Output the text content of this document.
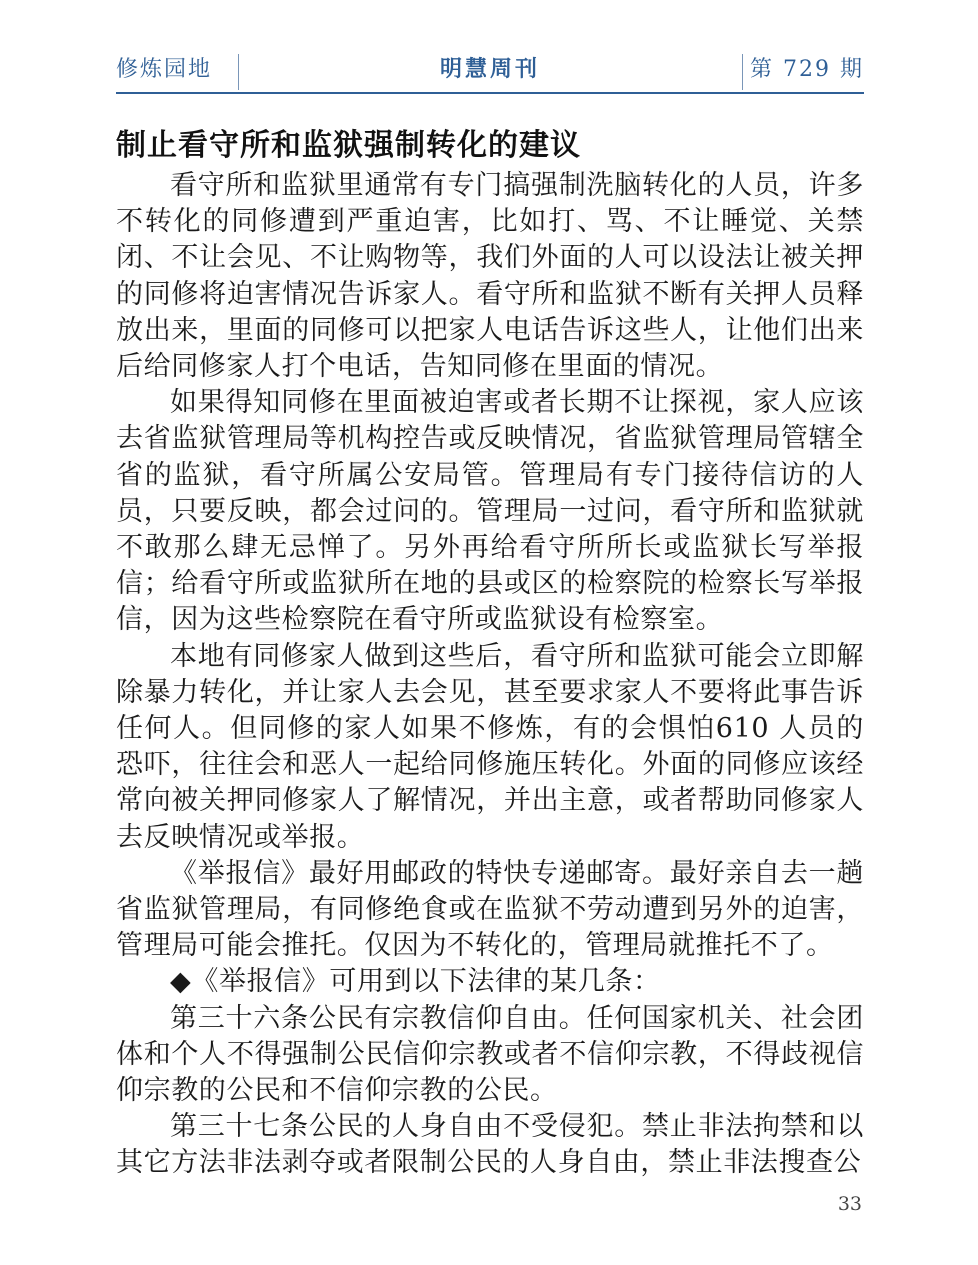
修炼园地	明慧周刊	第 729 期
制止看守所和监狱强制转化的建议

看守所和监狱里通常有专门搞强制洗脑转化的人员，许多不转化的同修遭到严重迫害，比如打、骂、不让睡觉、关禁闭、不让会见、不让购物等，我们外面的人可以设法让被关押的同修将迫害情况告诉家人。看守所和监狱不断有关押人员释放出来，里面的同修可以把家人电话告诉这些人，让他们出来后给同修家人打个电话，告知同修在里面的情况。

如果得知同修在里面被迫害或者长期不让探视，家人应该去省监狱管理局等机构控告或反映情况，省监狱管理局管辖全省的监狱，看守所属公安局管。管理局有专门接待信访的人员，只要反映，都会过问的。管理局一过问，看守所和监狱就不敢那么肆无忌惮了。另外再给看守所所长或监狱长写举报信；给看守所或监狱所在地的县或区的检察院的检察长写举报信，因为这些检察院在看守所或监狱设有检察室。

本地有同修家人做到这些后，看守所和监狱可能会立即解除暴力转化，并让家人去会见，甚至要求家人不要将此事告诉任何人。但同修的家人如果不修炼，有的会惧怕610 人员的恐吓，往往会和恶人一起给同修施压转化。外面的同修应该经常向被关押同修家人了解情况，并出主意，或者帮助同修家人去反映情况或举报。

《举报信》最好用邮政的特快专递邮寄。最好亲自去一趟省监狱管理局，有同修绝食或在监狱不劳动遭到另外的迫害，管理局可能会推托。仅因为不转化的，管理局就推托不了。

◆《举报信》可用到以下法律的某几条：

第三十六条公民有宗教信仰自由。任何国家机关、社会团体和个人不得强制公民信仰宗教或者不信仰宗教，不得歧视信仰宗教的公民和不信仰宗教的公民。

第三十七条公民的人身自由不受侵犯。禁止非法拘禁和以其它方法非法剥夺或者限制公民的人身自由，禁止非法搜查公

33
